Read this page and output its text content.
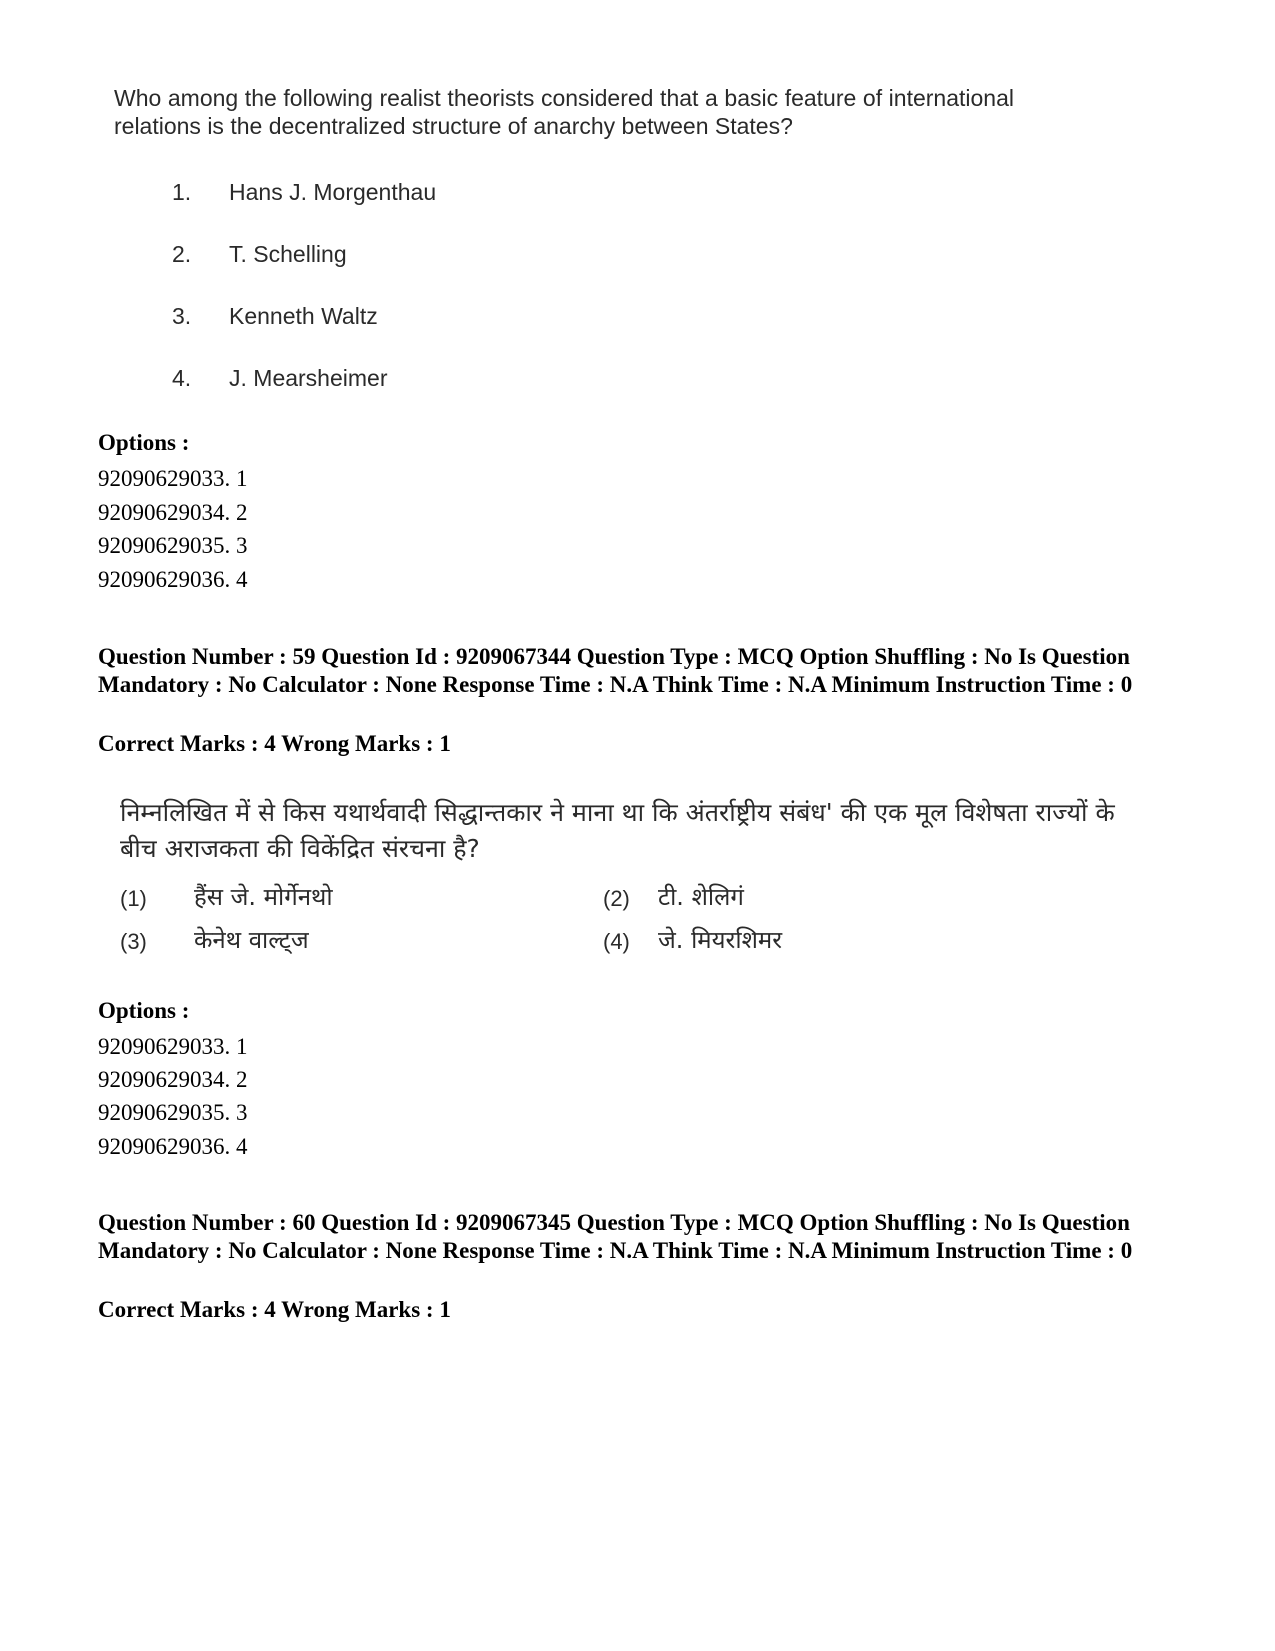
Who among the following realist theorists considered that a basic feature of international relations is the decentralized structure of anarchy between States?
1. Hans J. Morgenthau
2. T. Schelling
3. Kenneth Waltz
4. J. Mearsheimer
Options :
92090629033. 1
92090629034. 2
92090629035. 3
92090629036. 4
Question Number : 59 Question Id : 9209067344 Question Type : MCQ Option Shuffling : No Is Question Mandatory : No Calculator : None Response Time : N.A Think Time : N.A Minimum Instruction Time : 0
Correct Marks : 4 Wrong Marks : 1
निम्नलिखित में से किस यथार्थवादी सिद्धान्तकार ने माना था कि अंतर्राष्ट्रीय संबंध' की एक मूल विशेषता राज्यों के बीच अराजकता की विकेंद्रित संरचना है?
(1) हैंस जे. मोर्गेनथो	(2) टी. शेलिगं
(3) केनेथ वाल्ट्ज	(4) जे. मियरशिमर
Options :
92090629033. 1
92090629034. 2
92090629035. 3
92090629036. 4
Question Number : 60 Question Id : 9209067345 Question Type : MCQ Option Shuffling : No Is Question Mandatory : No Calculator : None Response Time : N.A Think Time : N.A Minimum Instruction Time : 0
Correct Marks : 4 Wrong Marks : 1
